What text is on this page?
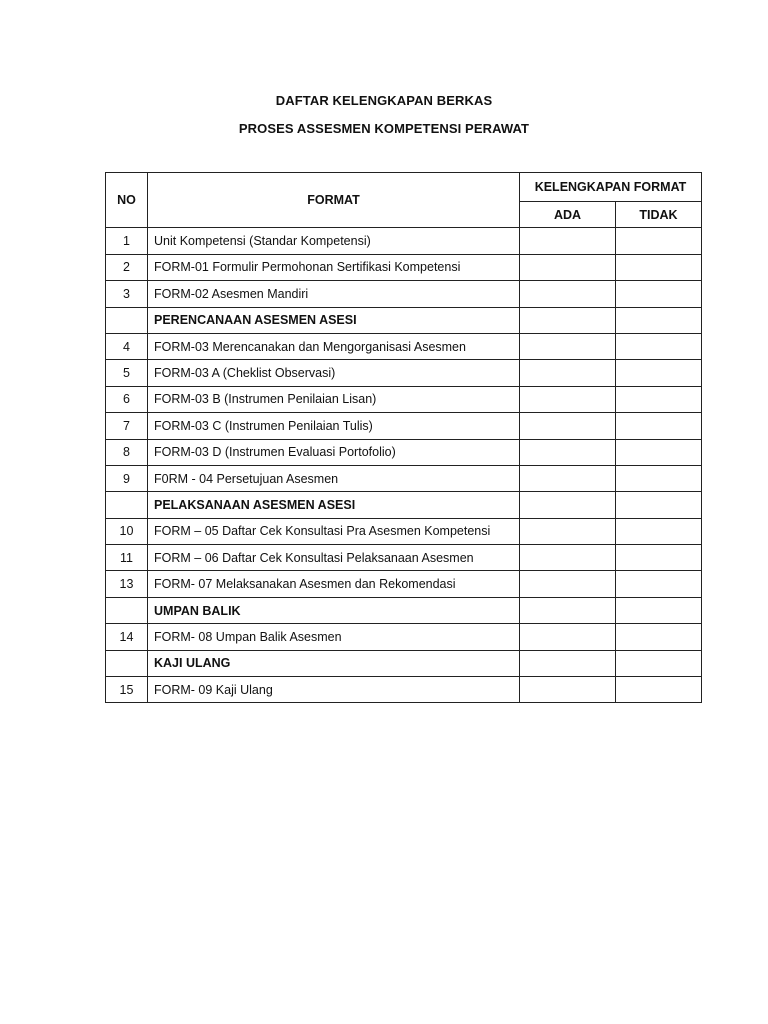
DAFTAR KELENGKAPAN BERKAS
PROSES ASSESMEN KOMPETENSI PERAWAT
NO	FORMAT	KELENGKAPAN FORMAT	
		ADA	TIDAK
1	Unit Kompetensi (Standar Kompetensi)		
2	FORM-01 Formulir Permohonan Sertifikasi Kompetensi		
3	FORM-02 Asesmen Mandiri		
	PERENCANAAN ASESMEN ASESI		
4	FORM-03 Merencanakan dan Mengorganisasi Asesmen		
5	FORM-03 A (Cheklist Observasi)		
6	FORM-03 B (Instrumen Penilaian Lisan)		
7	FORM-03 C (Instrumen Penilaian Tulis)		
8	FORM-03 D (Instrumen Evaluasi Portofolio)		
9	F0RM - 04 Persetujuan Asesmen		
	PELAKSANAAN ASESMEN ASESI		
10	FORM – 05 Daftar Cek Konsultasi Pra Asesmen Kompetensi		
11	FORM – 06 Daftar Cek Konsultasi Pelaksanaan Asesmen		
13	FORM- 07 Melaksanakan Asesmen dan Rekomendasi		
	UMPAN BALIK		
14	FORM- 08 Umpan Balik Asesmen		
	KAJI ULANG		
15	FORM- 09 Kaji Ulang		
